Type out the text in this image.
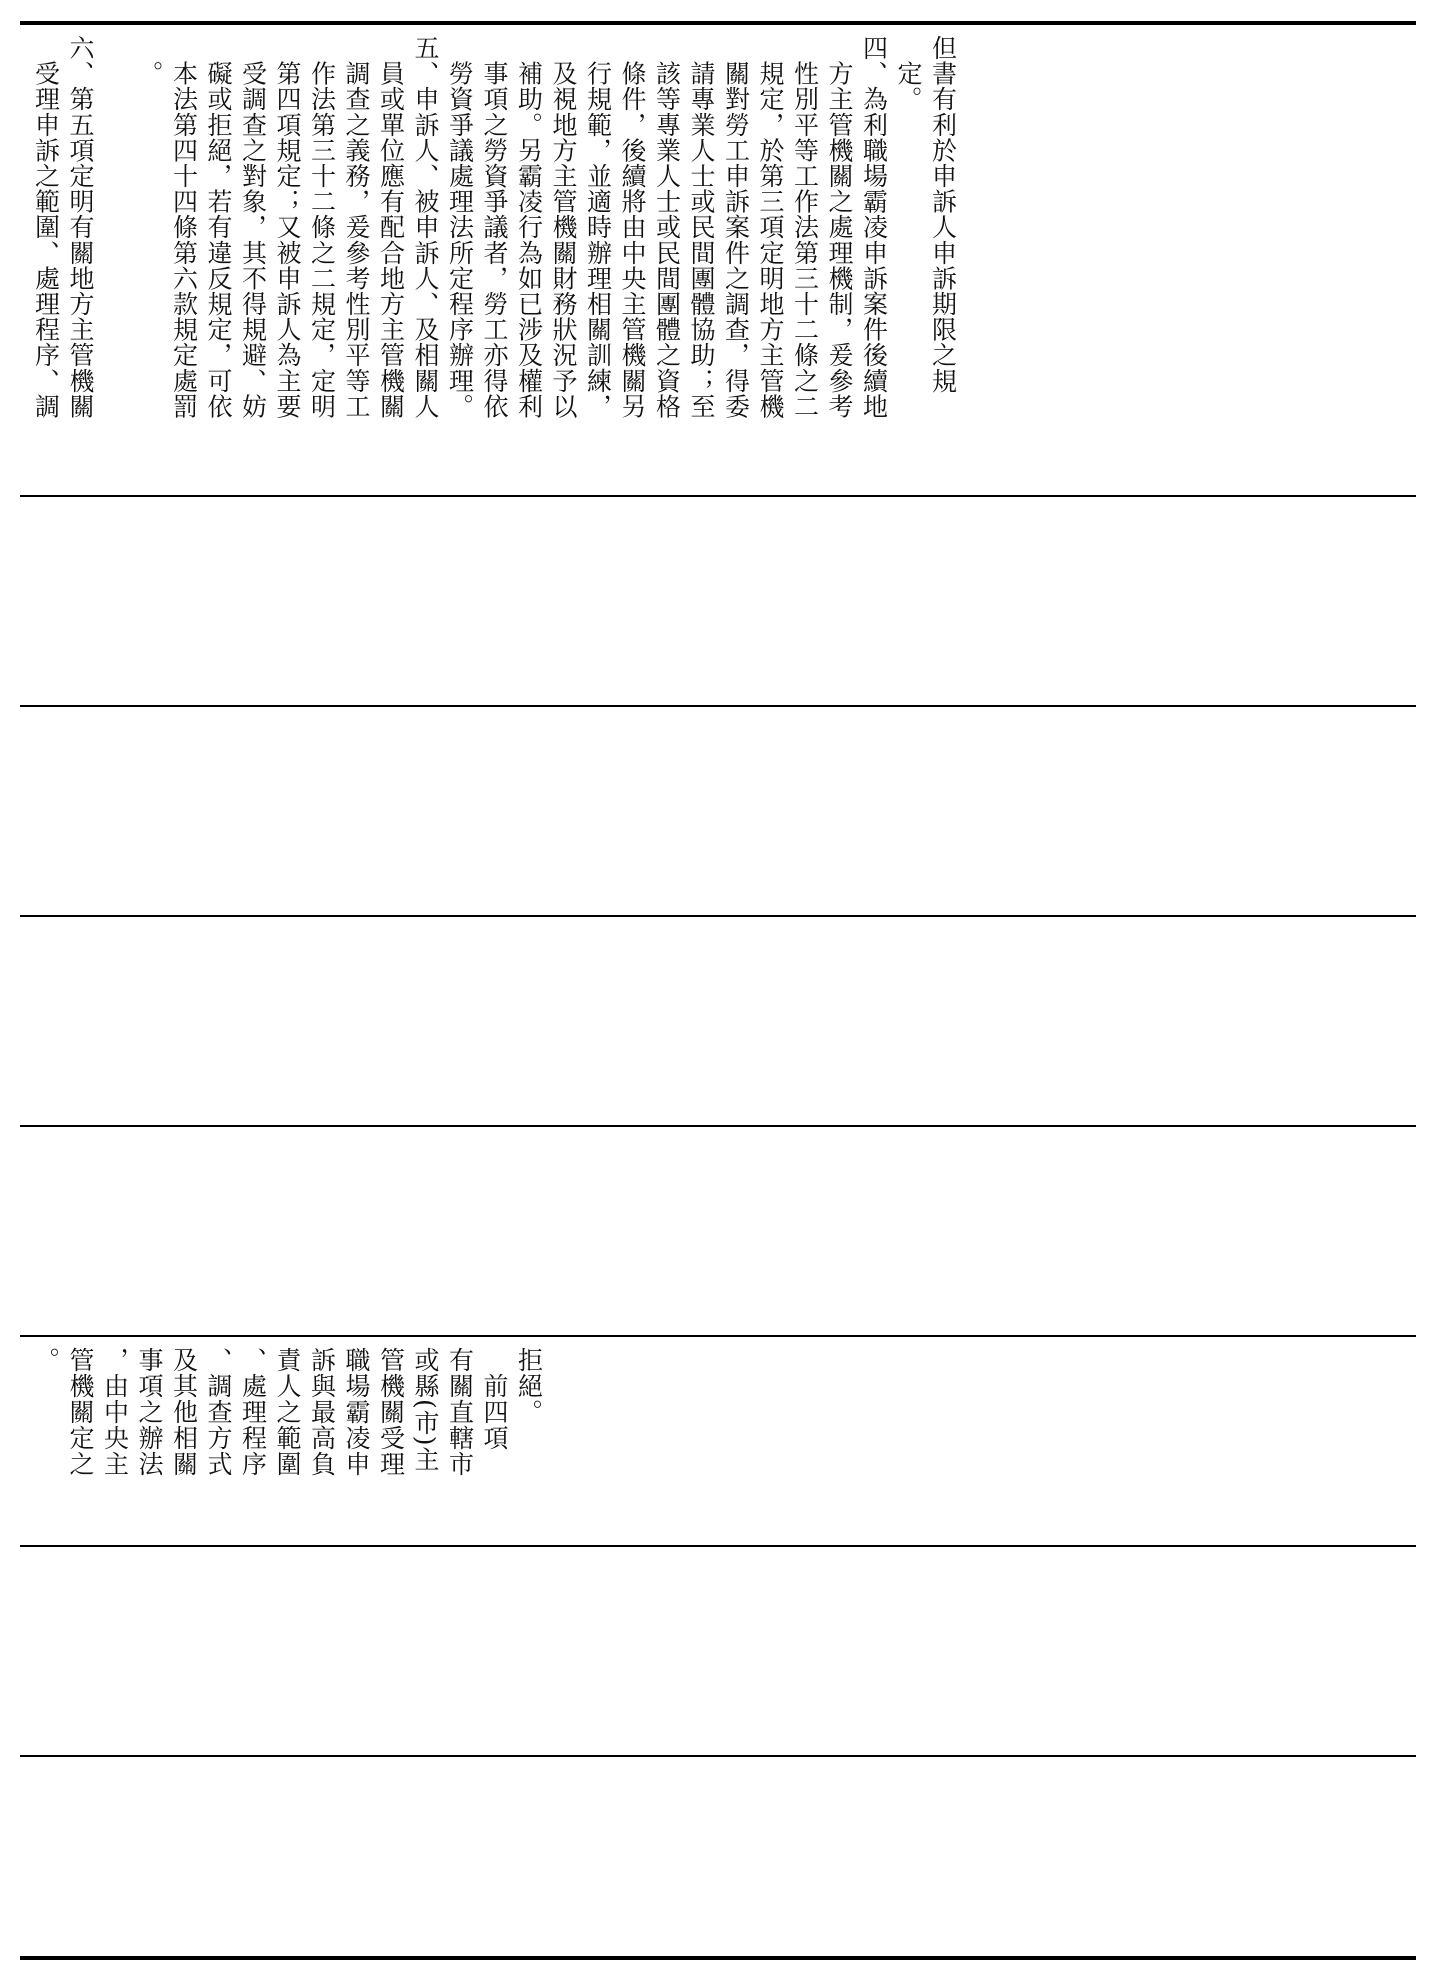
但書有利於申訴人申訴期限之規
　定。
四、為利職場霸凌申訴案件後續地
　方主管機關之處理機制，爰參考
　性別平等工作法第三十二條之二
　規定，於第三項定明地方主管機
　關對勞工申訴案件之調查，得委
　請專業人士或民間團體協助；至
　該等專業人士或民間團體之資格
　條件，後續將由中央主管機關另
　行規範，並適時辦理相關訓練，
　及視地方主管機關財務狀況予以
　補助。另霸凌行為如已涉及權利
　事項之勞資爭議者，勞工亦得依
　勞資爭議處理法所定程序辦理。
五、申訴人、被申訴人、及相關人
　員或單位應有配合地方主管機關
　調查之義務，爰參考性別平等工
　作法第三十二條之二規定，定明
　第四項規定；又被申訴人為主要
　受調查之對象，其不得規避、妨
　礙或拒絕，若有違反規定，可依
　本法第四十四條第六款規定處罰
　。

六、第五項定明有關地方主管機關
　受理申訴之範圍、處理程序、調
拒絕。
　前四項
有關直轄市
或縣(市)主
管機關受理
職場霸凌申
訴與最高負
責人之範圍
、處理程序
、調查方式
及其他相關
事項之辦法
，由中央主
管機關定之
。
